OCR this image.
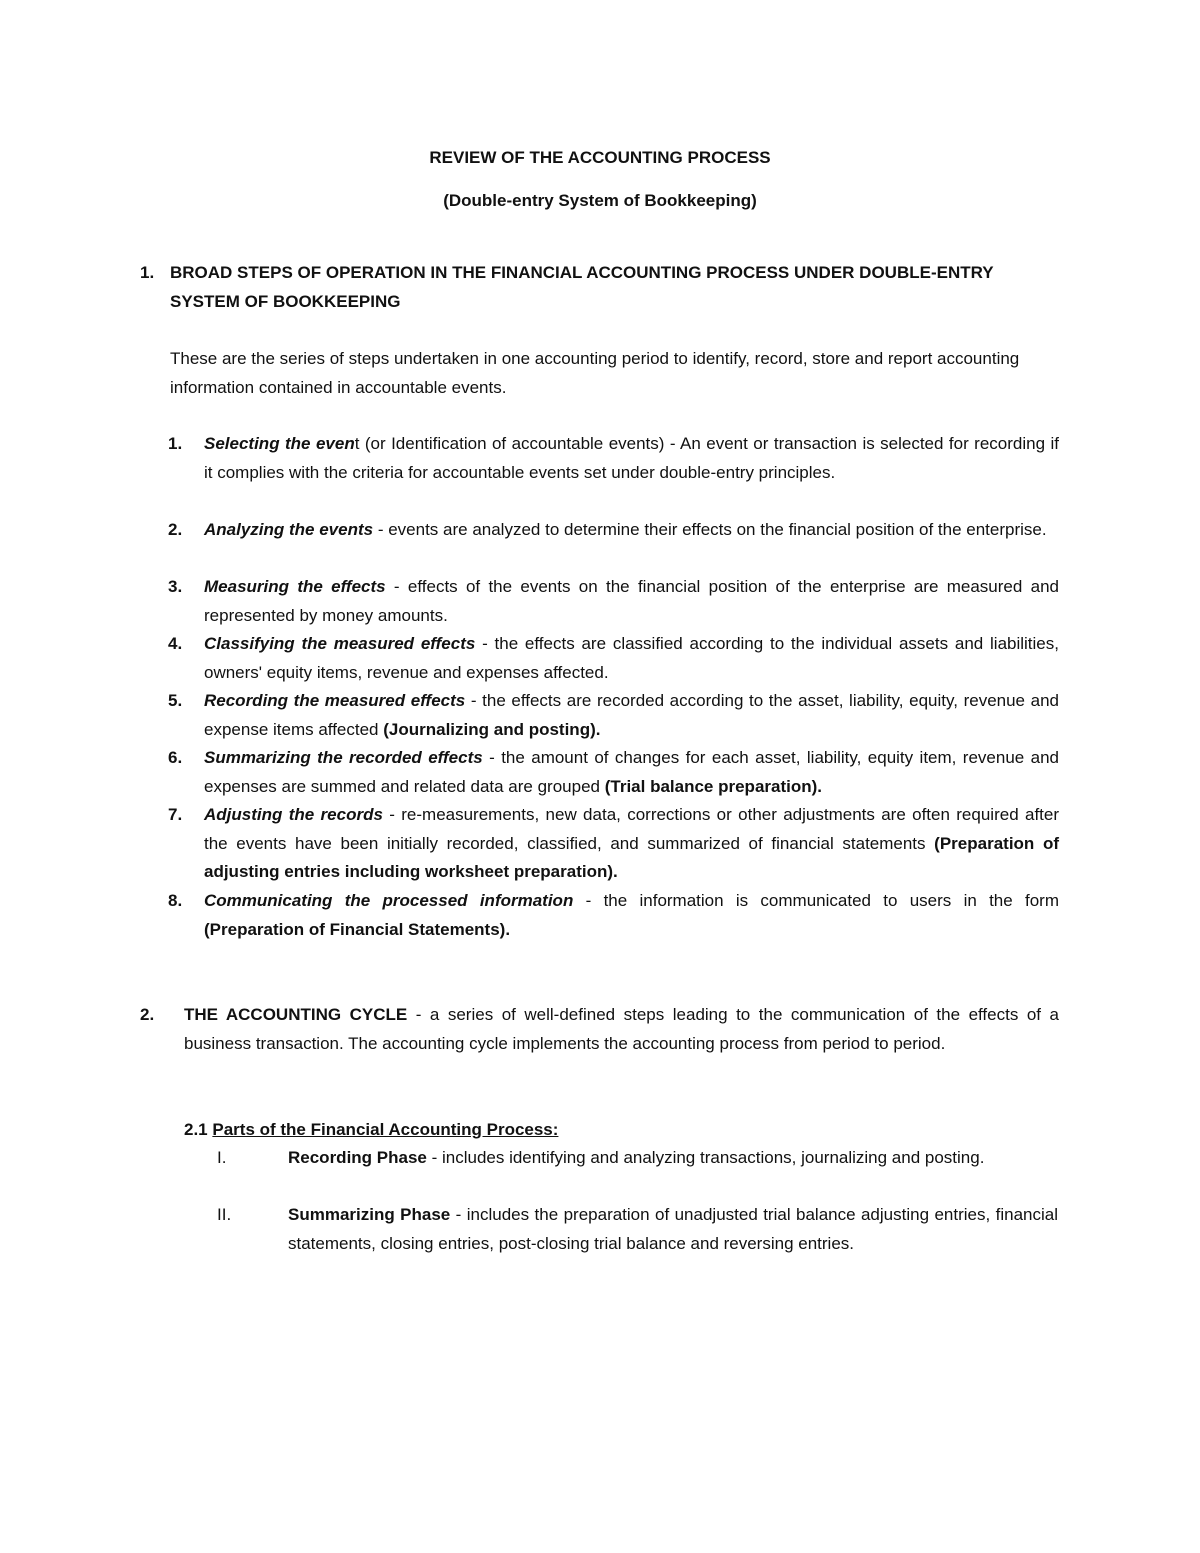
REVIEW OF THE ACCOUNTING PROCESS

(Double-entry System of Bookkeeping)

1. BROAD STEPS OF OPERATION IN THE FINANCIAL ACCOUNTING PROCESS UNDER DOUBLE-ENTRY SYSTEM OF BOOKKEEPING

These are the series of steps undertaken in one accounting period to identify, record, store and report accounting information contained in accountable events.

1. Selecting the event (or Identification of accountable events) - An event or transaction is selected for recording if it complies with the criteria for accountable events set under double-entry principles.

2. Analyzing the events - events are analyzed to determine their effects on the financial position of the enterprise.

3. Measuring the effects - effects of the events on the financial position of the enterprise are measured and represented by money amounts.

4. Classifying the measured effects - the effects are classified according to the individual assets and liabilities, owners' equity items, revenue and expenses affected.

5. Recording the measured effects - the effects are recorded according to the asset, liability, equity, revenue and expense items affected (Journalizing and posting).

6. Summarizing the recorded effects - the amount of changes for each asset, liability, equity item, revenue and expenses are summed and related data are grouped (Trial balance preparation).

7. Adjusting the records - re-measurements, new data, corrections or other adjustments are often required after the events have been initially recorded, classified, and summarized of financial statements (Preparation of adjusting entries including worksheet preparation).

8. Communicating the processed information - the information is communicated to users in the form (Preparation of Financial Statements).

2. THE ACCOUNTING CYCLE - a series of well-defined steps leading to the communication of the effects of a business transaction. The accounting cycle implements the accounting process from period to period.

2.1 Parts of the Financial Accounting Process:

I.	Recording Phase - includes identifying and analyzing transactions, journalizing and posting.

II.	Summarizing Phase - includes the preparation of unadjusted trial balance adjusting entries, financial statements, closing entries, post-closing trial balance and reversing entries.
